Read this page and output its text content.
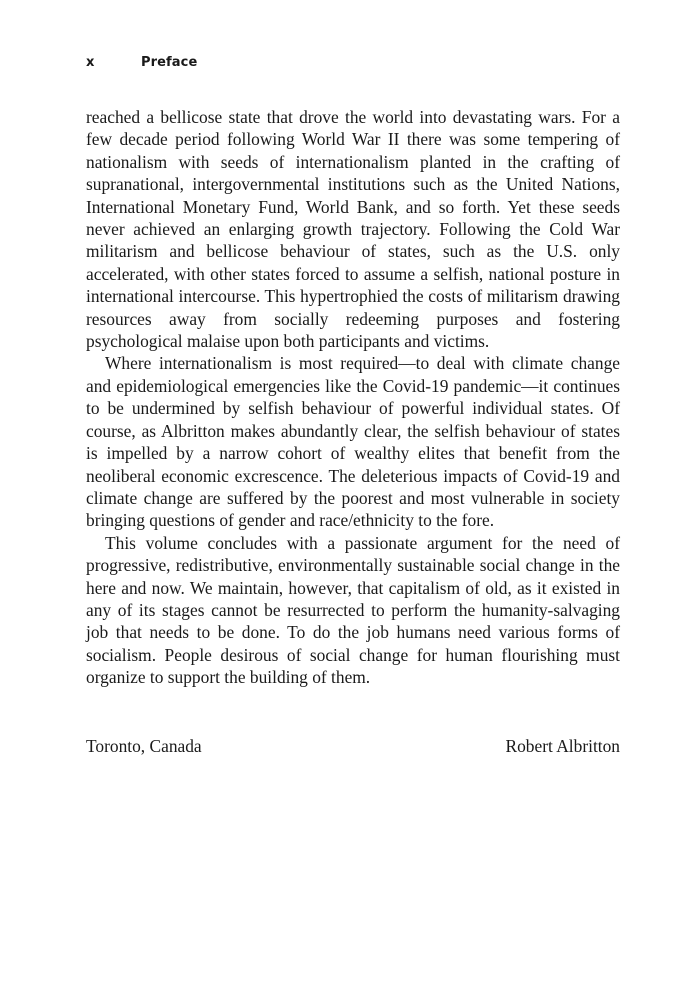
x	Preface

reached a bellicose state that drove the world into devastating wars. For a few decade period following World War II there was some tempering of nationalism with seeds of internationalism planted in the crafting of supranational, intergovernmental institutions such as the United Nations, International Monetary Fund, World Bank, and so forth. Yet these seeds never achieved an enlarging growth trajectory. Following the Cold War militarism and bellicose behaviour of states, such as the U.S. only accelerated, with other states forced to assume a selfish, national posture in international intercourse. This hypertrophied the costs of militarism drawing resources away from socially redeeming purposes and fostering psychological malaise upon both participants and victims.

Where internationalism is most required—to deal with climate change and epidemiological emergencies like the Covid-19 pandemic—it continues to be undermined by selfish behaviour of powerful individual states. Of course, as Albritton makes abundantly clear, the selfish behaviour of states is impelled by a narrow cohort of wealthy elites that benefit from the neoliberal economic excrescence. The deleterious impacts of Covid-19 and climate change are suffered by the poorest and most vulnerable in society bringing questions of gender and race/ethnicity to the fore.

This volume concludes with a passionate argument for the need of progressive, redistributive, environmentally sustainable social change in the here and now. We maintain, however, that capitalism of old, as it existed in any of its stages cannot be resurrected to perform the humanity-salvaging job that needs to be done. To do the job humans need various forms of socialism. People desirous of social change for human flourishing must organize to support the building of them.

Toronto, Canada	Robert Albritton
